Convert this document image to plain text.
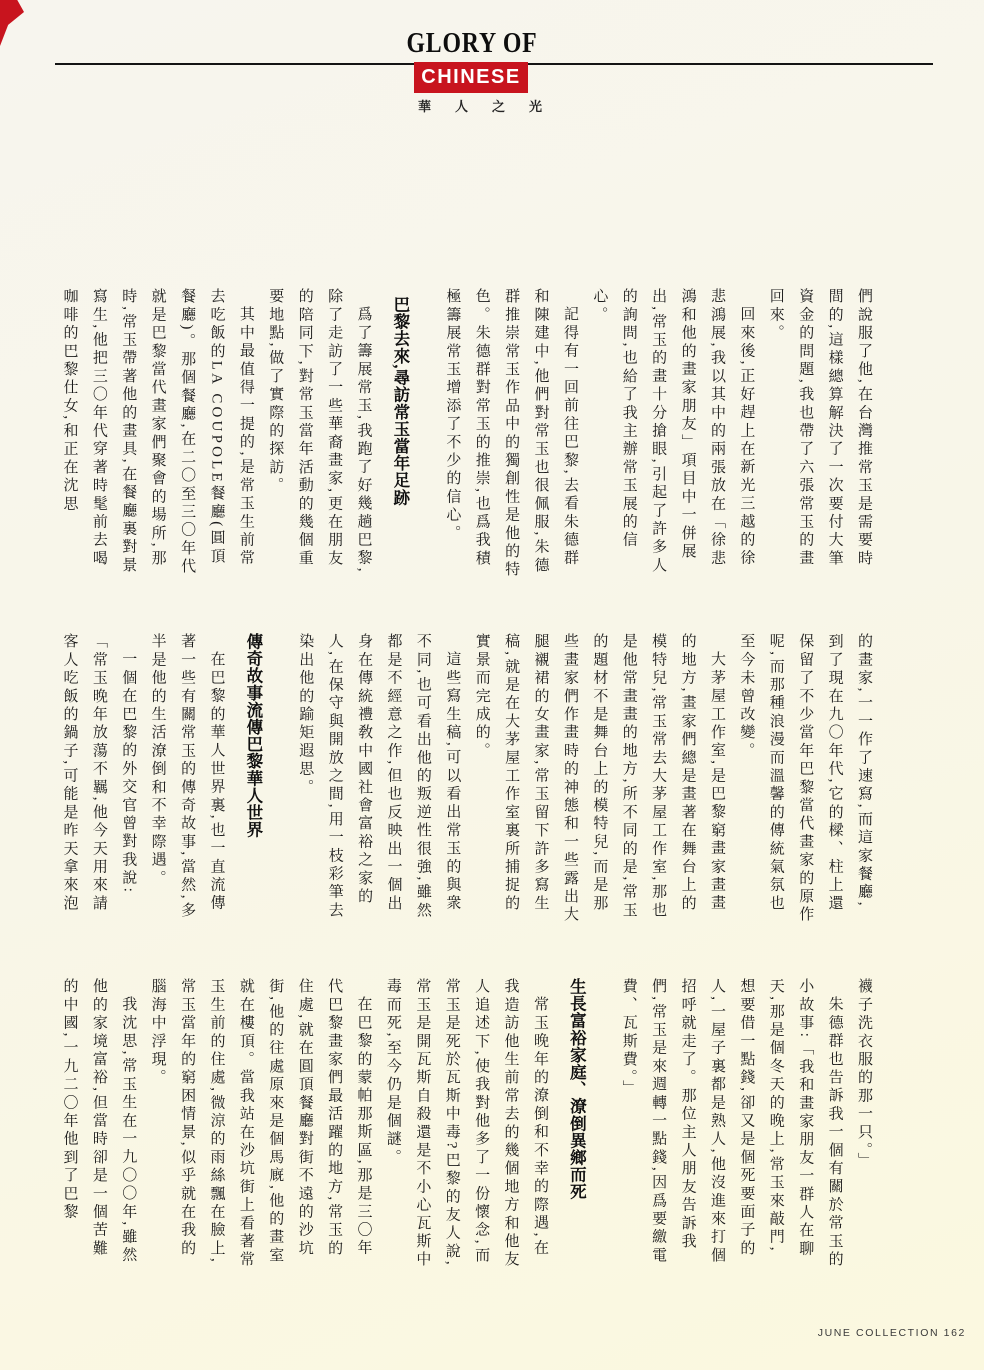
GLORY OF
CHINESE
華人之光

們說服了他,在台灣推常玉是需要時間的,這樣總算解決了一次要付大筆資金的問題,我也帶了六張常玉的畫回來。

回來後,正好趕上在新光三越的徐悲鴻展,我以其中的兩張放在「徐悲鴻和他的畫家朋友」項目中一併展出,常玉的畫十分搶眼,引起了許多人的詢問,也給了我主辦常玉展的信心。

記得有一回前往巴黎,去看朱德群和陳建中,他們對常玉也很佩服,朱德群推崇常玉作品中的獨創性是他的特色。朱德群對常玉的推崇,也爲我積極籌展常玉增添了不少的信心。

巴黎去來,尋訪常玉當年足跡

爲了籌展常玉,我跑了好幾趟巴黎,除了走訪了一些華裔畫家,更在朋友的陪同下,對常玉當年活動的幾個重要地點,做了實際的探訪。

其中最值得一提的,是常玉生前常去吃飯的LA COUPOLE餐廳(圓頂餐廳)。那個餐廳,在二〇至三〇年代就是巴黎當代畫家們聚會的場所,那時,常玉帶著他的畫具,在餐廳裏對景寫生,他把三〇年代穿著時髦前去喝咖啡的巴黎仕女,和正在沈思

的畫家,一一作了速寫,而這家餐廳,到了現在九〇年代,它的樑、柱上還保留了不少當年巴黎當代畫家的原作呢,而那種浪漫而溫馨的傳統氣氛也至今未曾改變。

大茅屋工作室,是巴黎窮畫家畫畫的地方,畫家們總是畫著在舞台上的模特兒,常玉常去大茅屋工作室,那也是他常畫畫的地方,所不同的是,常玉的題材不是舞台上的模特兒,而是那些畫家們作畫時的神態和一些露出大腿襯裙的女畫家,常玉留下許多寫生稿,就是在大茅屋工作室裏所捕捉的實景而完成的。

這些寫生稿,可以看出常玉的與衆不同,也可看出他的叛逆性很強,雖然都是不經意之作,但也反映出一個出身在傳統禮敎中國社會富裕之家的人,在保守與開放之間,用一枝彩筆去染出他的踰矩遐思。

傳奇故事流傳巴黎華人世界

在巴黎的華人世界裏,也一直流傳著一些有關常玉的傳奇故事,當然,多半是他的生活潦倒和不幸際遇。

一個在巴黎的外交官曾對我說:「常玉晚年放蕩不羈,他今天用來請客人吃飯的鍋子,可能是昨天拿來泡

襪子洗衣服的那一只。」

朱德群也告訴我一個有關於常玉的小故事:「我和畫家朋友一群人在聊天,那是個冬天的晚上,常玉來敲門,想要借一點錢,卻又是個死要面子的人,一屋子裏都是熟人,他沒進來打個招呼就走了。那位主人朋友告訴我們,常玉是來週轉一點錢,因爲要繳電費、瓦斯費。」

生長富裕家庭、潦倒異鄉而死

常玉晚年的潦倒和不幸的際遇,在我造訪他生前常去的幾個地方和他友人追述下,使我對他多了一份懷念,而常玉是死於瓦斯中毒?巴黎的友人說,常玉是開瓦斯自殺還是不小心瓦斯中毒而死,至今仍是個謎。

在巴黎的蒙帕那斯區,那是三〇年代巴黎畫家們最活躍的地方,常玉的住處,就在圓頂餐廳對街不遠的沙坑街,他的往處原來是個馬廐,他的畫室就在樓頂。當我站在沙坑街上看著常玉生前的住處,微涼的雨絲飄在臉上,常玉當年的窮困情景,似乎就在我的腦海中浮現。

我沈思,常玉生在一九〇〇年,雖然他的家境富裕,但當時卻是一個苦難的中國,一九二〇年他到了巴黎

JUNE COLLECTION 162
